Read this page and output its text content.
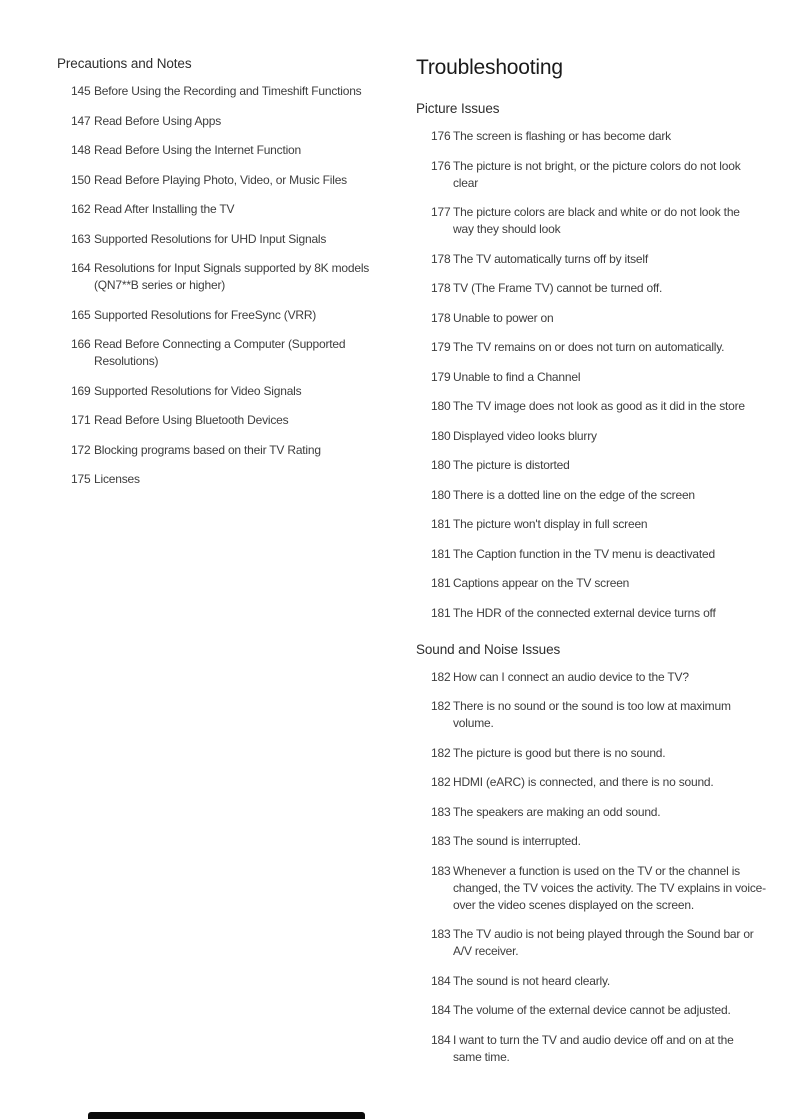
Precautions and Notes
145 Before Using the Recording and Timeshift Functions
147 Read Before Using Apps
148 Read Before Using the Internet Function
150 Read Before Playing Photo, Video, or Music Files
162 Read After Installing the TV
163 Supported Resolutions for UHD Input Signals
164 Resolutions for Input Signals supported by 8K models
(QN7**B series or higher)
165 Supported Resolutions for FreeSync (VRR)
166 Read Before Connecting a Computer (Supported
Resolutions)
169 Supported Resolutions for Video Signals
171 Read Before Using Bluetooth Devices
172 Blocking programs based on their TV Rating
175 Licenses
Troubleshooting
Picture Issues
176 The screen is flashing or has become dark
176 The picture is not bright, or the picture colors do not look
clear
177 The picture colors are black and white or do not look the
way they should look
178 The TV automatically turns off by itself
178 TV (The Frame TV) cannot be turned off.
178 Unable to power on
179 The TV remains on or does not turn on automatically.
179 Unable to find a Channel
180 The TV image does not look as good as it did in the store
180 Displayed video looks blurry
180 The picture is distorted
180 There is a dotted line on the edge of the screen
181 The picture won't display in full screen
181 The Caption function in the TV menu is deactivated
181 Captions appear on the TV screen
181 The HDR of the connected external device turns off
Sound and Noise Issues
182 How can I connect an audio device to the TV?
182 There is no sound or the sound is too low at maximum
volume.
182 The picture is good but there is no sound.
182 HDMI (eARC) is connected, and there is no sound.
183 The speakers are making an odd sound.
183 The sound is interrupted.
183 Whenever a function is used on the TV or the channel is
changed, the TV voices the activity. The TV explains in voice-
over the video scenes displayed on the screen.
183 The TV audio is not being played through the Sound bar or
A/V receiver.
184 The sound is not heard clearly.
184 The volume of the external device cannot be adjusted.
184 I want to turn the TV and audio device off and on at the
same time.
